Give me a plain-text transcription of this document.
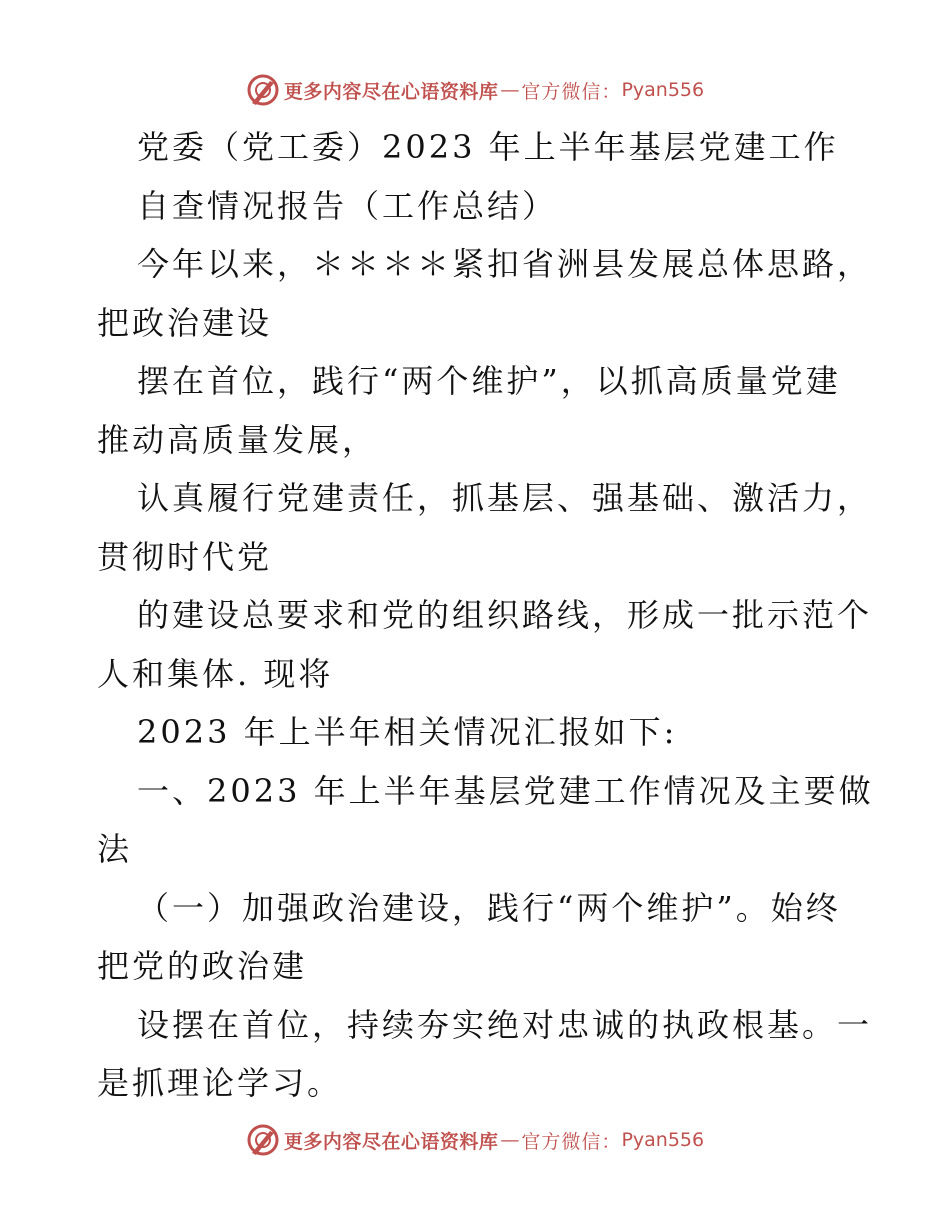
更多内容尽在心语资料库 — 官方微信： Pyan556
党委（党工委）2023 年上半年基层党建工作
自查情况报告（工作总结）
今年以来，＊＊＊＊紧扣省洲县发展总体思路，
把政治建设
摆在首位，践行“两个维护”，以抓高质量党建
推动高质量发展，
认真履行党建责任，抓基层、强基础、激活力，
贯彻时代党
的建设总要求和党的组织路线，形成一批示范个
人和集体. 现将
2023 年上半年相关情况汇报如下:
一、2023 年上半年基层党建工作情况及主要做
法
（一）加强政治建设，践行“两个维护”。始终
把党的政治建
设摆在首位，持续夯实绝对忠诚的执政根基。一
是抓理论学习。
更多内容尽在心语资料库 — 官方微信： Pyan556
